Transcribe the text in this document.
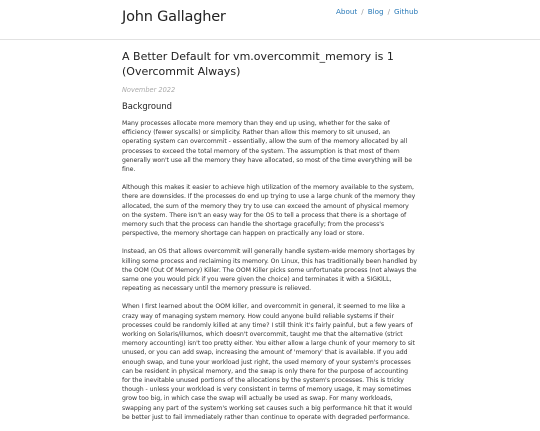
John Gallagher	About / Blog / Github
A Better Default for vm.overcommit_memory is 1 (Overcommit Always)
November 2022
Background

Many processes allocate more memory than they end up using, whether for the sake of efficiency (fewer syscalls) or simplicity. Rather than allow this memory to sit unused, an operating system can overcommit - essentially, allow the sum of the memory allocated by all processes to exceed the total memory of the system. The assumption is that most of them generally won't use all the memory they have allocated, so most of the time everything will be fine.

Although this makes it easier to achieve high utilization of the memory available to the system, there are downsides. If the processes do end up trying to use a large chunk of the memory they allocated, the sum of the memory they try to use can exceed the amount of physical memory on the system. There isn't an easy way for the OS to tell a process that there is a shortage of memory such that the process can handle the shortage gracefully; from the process's perspective, the memory shortage can happen on practically any load or store.

Instead, an OS that allows overcommit will generally handle system-wide memory shortages by killing some process and reclaiming its memory. On Linux, this has traditionally been handled by the OOM (Out Of Memory) Killer. The OOM Killer picks some unfortunate process (not always the same one you would pick if you were given the choice) and terminates it with a SIGKILL, repeating as necessary until the memory pressure is relieved.

When I first learned about the OOM killer, and overcommit in general, it seemed to me like a crazy way of managing system memory. How could anyone build reliable systems if their processes could be randomly killed at any time? I still think it's fairly painful, but a few years of working on Solaris/illumos, which doesn't overcommit, taught me that the alternative (strict memory accounting) isn't too pretty either. You either allow a large chunk of your memory to sit unused, or you can add swap, increasing the amount of 'memory' that is available. If you add enough swap, and tune your workload just right, the used memory of your system's processes can be resident in physical memory, and the swap is only there for the purpose of accounting for the inevitable unused portions of the allocations by the system's processes. This is tricky though - unless your workload is very consistent in terms of memory usage, it may sometimes grow too big, in which case the swap will actually be used as swap. For many workloads, swapping any part of the system's working set causes such a big performance hit that it would be better just to fail immediately rather than continue to operate with degraded performance.
